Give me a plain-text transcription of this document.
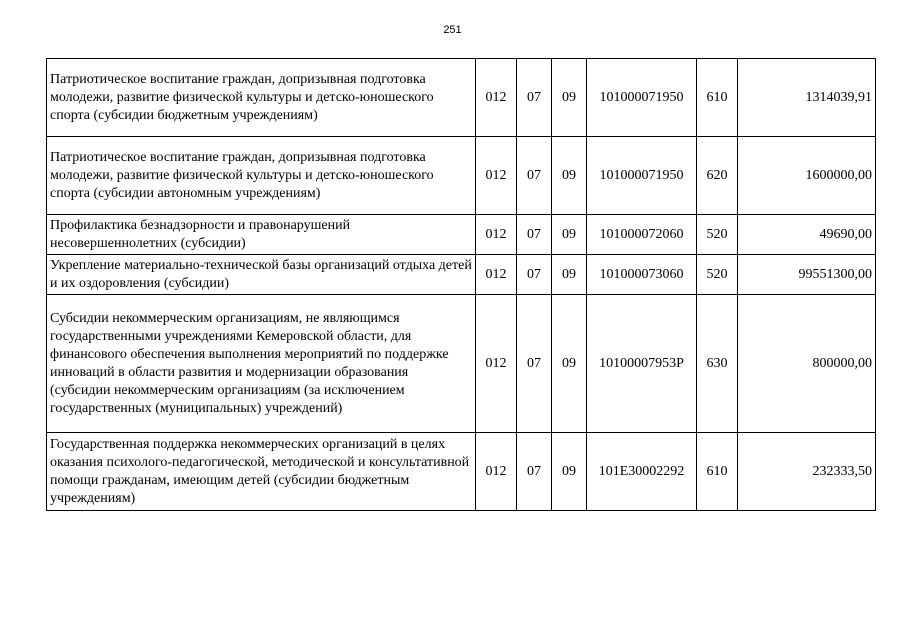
251
Патриотическое воспитание граждан, допризывная подготовка молодежи, развитие физической культуры и детско-юношеского спорта (субсидии бюджетным учреждениям)	012	07	09	101000071950	610	1314039,91
Патриотическое воспитание граждан, допризывная подготовка молодежи, развитие физической культуры и детско-юношеского спорта (субсидии автономным учреждениям)	012	07	09	101000071950	620	1600000,00
Профилактика безнадзорности и правонарушений несовершеннолетних (субсидии)	012	07	09	101000072060	520	49690,00
Укрепление материально-технической базы организаций отдыха детей и их оздоровления (субсидии)	012	07	09	101000073060	520	99551300,00
Субсидии некоммерческим организациям, не являющимся государственными учреждениями Кемеровской области, для финансового обеспечения выполнения мероприятий по поддержке инноваций в области развития и модернизации образования (субсидии некоммерческим организациям (за исключением государственных (муниципальных) учреждений)	012	07	09	10100007953Р	630	800000,00
Государственная поддержка некоммерческих организаций в целях оказания психолого-педагогической, методической и консультативной помощи гражданам, имеющим детей (субсидии бюджетным учреждениям)	012	07	09	101E30002292	610	232333,50
